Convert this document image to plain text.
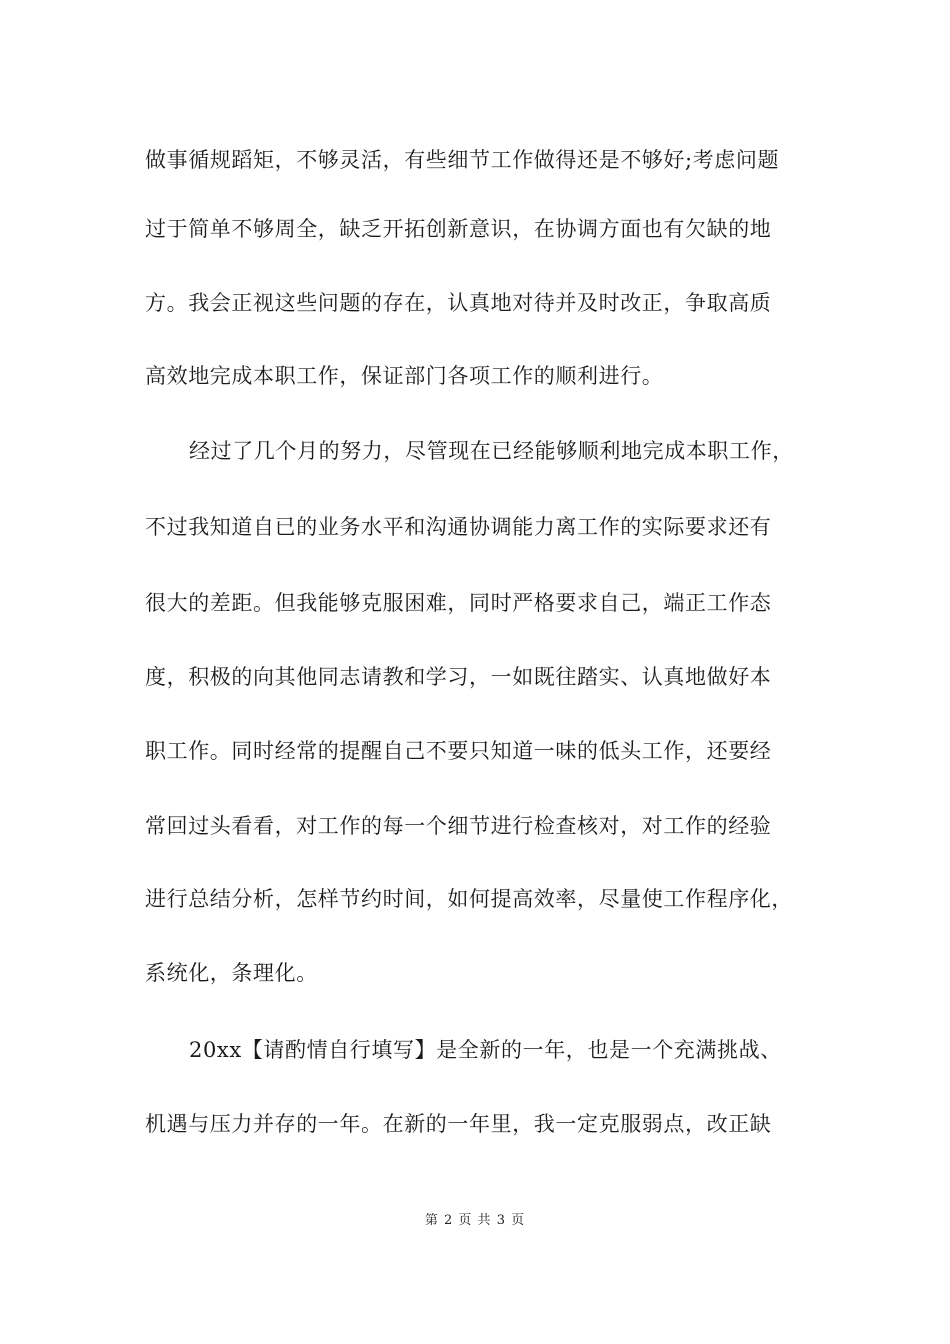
做事循规蹈矩，不够灵活，有些细节工作做得还是不够好;考虑问题
过于简单不够周全，缺乏开拓创新意识，在协调方面也有欠缺的地
方。我会正视这些问题的存在，认真地对待并及时改正，争取高质
高效地完成本职工作，保证部门各项工作的顺利进行。
经过了几个月的努力，尽管现在已经能够顺利地完成本职工作，
不过我知道自已的业务水平和沟通协调能力离工作的实际要求还有
很大的差距。但我能够克服困难，同时严格要求自己，端正工作态
度，积极的向其他同志请教和学习，一如既往踏实、认真地做好本
职工作。同时经常的提醒自己不要只知道一味的低头工作，还要经
常回过头看看，对工作的每一个细节进行检查核对，对工作的经验
进行总结分析，怎样节约时间，如何提高效率，尽量使工作程序化，
系统化，条理化。
20xx【请酌情自行填写】是全新的一年，也是一个充满挑战、
机遇与压力并存的一年。在新的一年里，我一定克服弱点，改正缺
第 2 页 共 3 页
